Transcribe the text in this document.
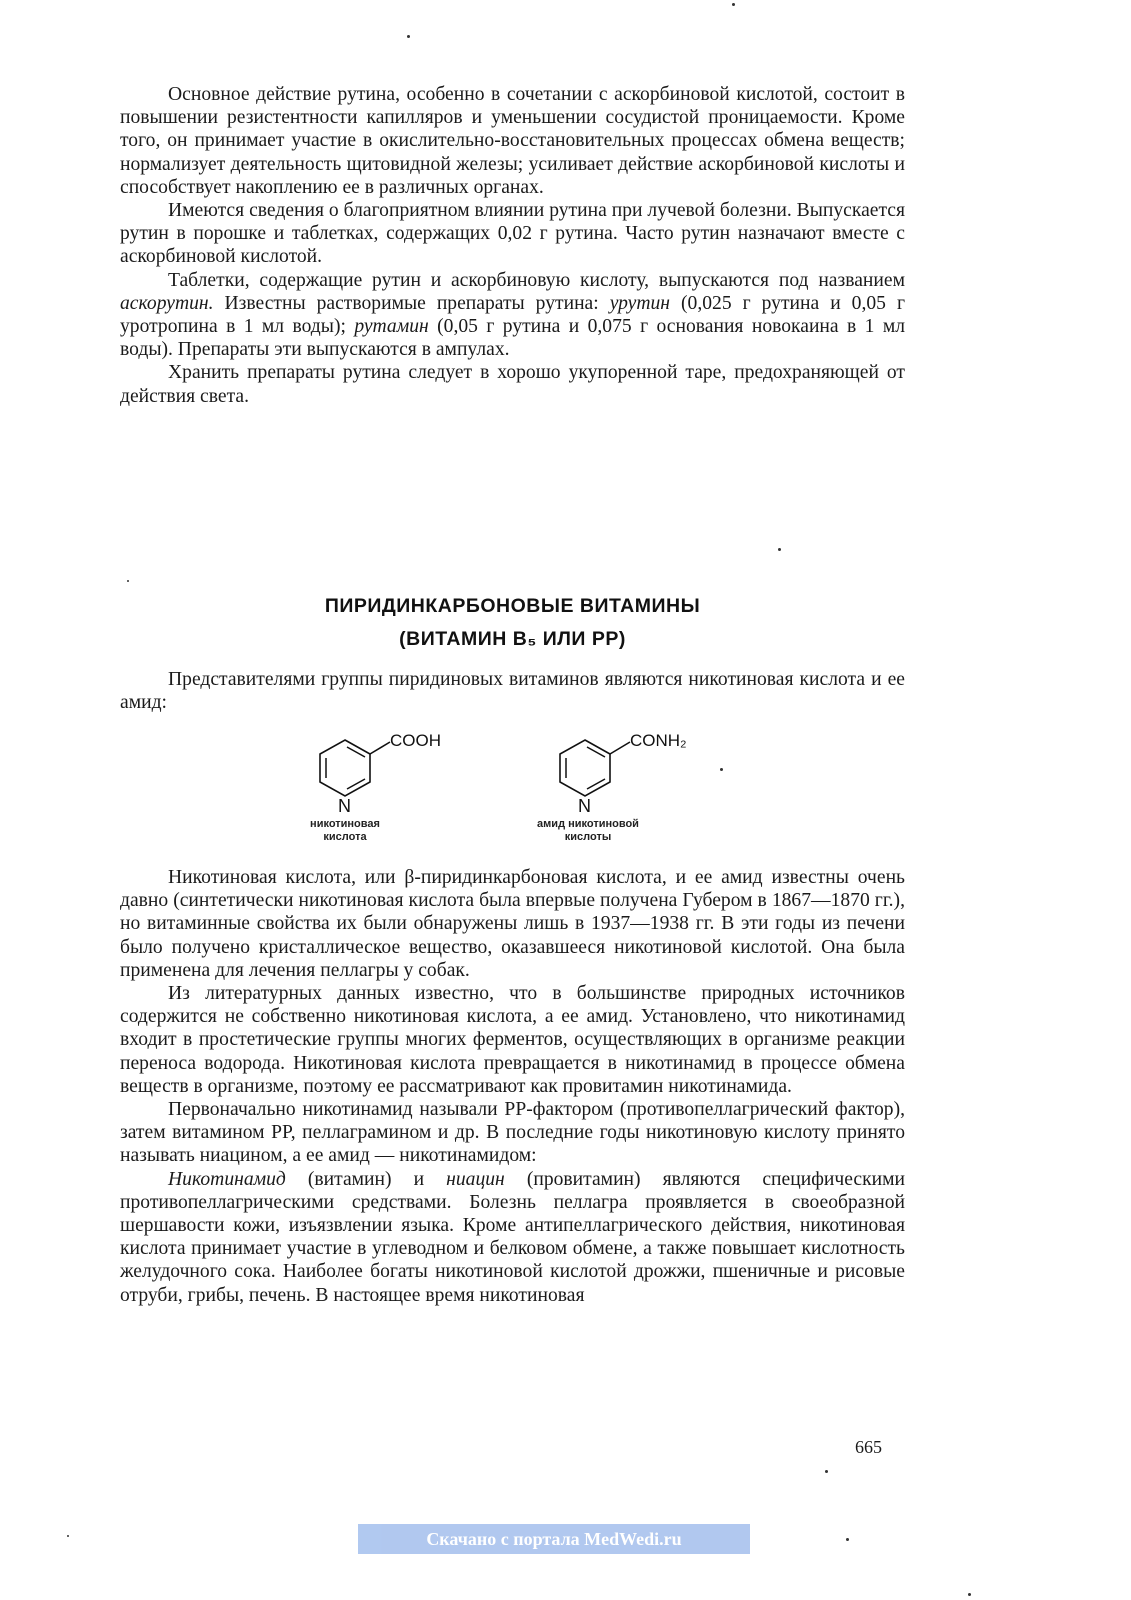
Основное действие рутина, особенно в сочетании с аскорбиновой кислотой, состоит в повышении резистентности капилляров и уменьшении сосудистой проницаемости. Кроме того, он принимает участие в окислительно-восстановительных процессах обмена веществ; нормализует деятельность щитовидной железы; усиливает действие аскорбиновой кислоты и способствует накоплению ее в различных органах.

Имеются сведения о благоприятном влиянии рутина при лучевой болезни. Выпускается рутин в порошке и таблетках, содержащих 0,02 г рутина. Часто рутин назначают вместе с аскорбиновой кислотой.

Таблетки, содержащие рутин и аскорбиновую кислоту, выпускаются под названием аскорутин. Известны растворимые препараты рутина: урутин (0,025 г рутина и 0,05 г уротропина в 1 мл воды); рутамин (0,05 г рутина и 0,075 г основания новокаина в 1 мл воды). Препараты эти выпускаются в ампулах.

Хранить препараты рутина следует в хорошо укупоренной таре, предохраняющей от действия света.

ПИРИДИНКАРБОНОВЫЕ ВИТАМИНЫ
(ВИТАМИН B₅ ИЛИ PP)

Представителями группы пиридиновых витаминов являются никотиновая кислота и ее амид:

COOH
N
никотиновая
кислота
CONH₂
N
амид никотиновой
кислоты

Никотиновая кислота, или β-пиридинкарбоновая кислота, и ее амид известны очень давно (синтетически никотиновая кислота была впервые получена Губером в 1867—1870 гг.), но витаминные свойства их были обнаружены лишь в 1937—1938 гг. В эти годы из печени было получено кристаллическое вещество, оказавшееся никотиновой кислотой. Она была применена для лечения пеллагры у собак.

Из литературных данных известно, что в большинстве природных источников содержится не собственно никотиновая кислота, а ее амид. Установлено, что никотинамид входит в простетические группы многих ферментов, осуществляющих в организме реакции переноса водорода. Никотиновая кислота превращается в никотинамид в процессе обмена веществ в организме, поэтому ее рассматривают как провитамин никотинамида.

Первоначально никотинамид называли PP-фактором (противопеллагрический фактор), затем витамином PP, пеллаграмином и др. В последние годы никотиновую кислоту принято называть ниацином, а ее амид — никотинамидом:

Никотинамид (витамин) и ниацин (провитамин) являются специфическими противопеллагрическими средствами. Болезнь пеллагра проявляется в своеобразной шершавости кожи, изъязвлении языка. Кроме антипеллагрического действия, никотиновая кислота принимает участие в углеводном и белковом обмене, а также повышает кислотность желудочного сока. Наиболее богаты никотиновой кислотой дрожжи, пшеничные и рисовые отруби, грибы, печень. В настоящее время никотиновая

665
Скачано с портала MedWedi.ru
